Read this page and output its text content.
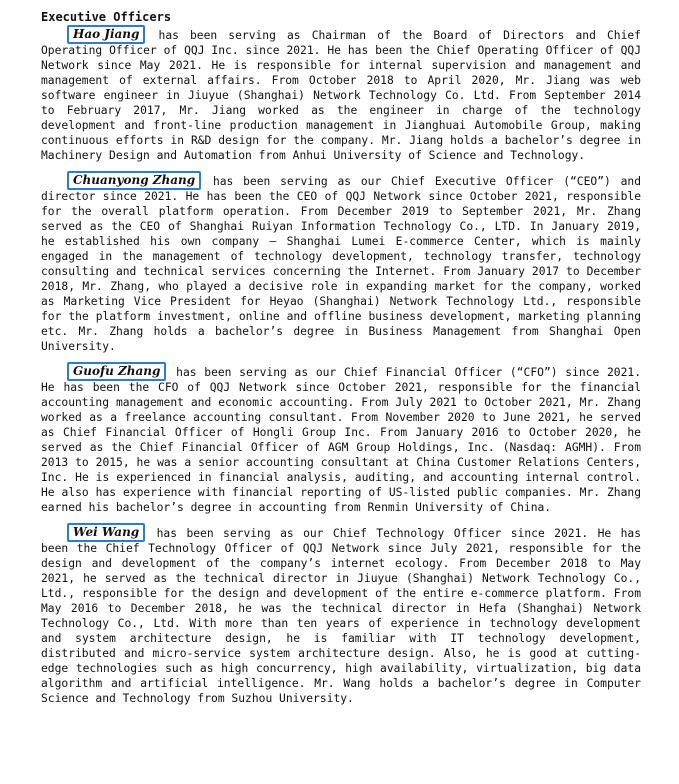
Executive Officers

Hao Jiang has been serving as Chairman of the Board of Directors and Chief Operating Officer of QQJ Inc. since 2021. He has been the Chief Operating Officer of QQJ Network since May 2021. He is responsible for internal supervision and management and management of external affairs. From October 2018 to April 2020, Mr. Jiang was web software engineer in Jiuyue (Shanghai) Network Technology Co. Ltd. From September 2014 to February 2017, Mr. Jiang worked as the engineer in charge of the technology development and front-line production management in Jianghuai Automobile Group, making continuous efforts in R&D design for the company. Mr. Jiang holds a bachelor’s degree in Machinery Design and Automation from Anhui University of Science and Technology.

Chuanyong Zhang has been serving as our Chief Executive Officer (“CEO”) and director since 2021. He has been the CEO of QQJ Network since October 2021, responsible for the overall platform operation. From December 2019 to September 2021, Mr. Zhang served as the CEO of Shanghai Ruiyan Information Technology Co., LTD. In January 2019, he established his own company — Shanghai Lumei E-commerce Center, which is mainly engaged in the management of technology development, technology transfer, technology consulting and technical services concerning the Internet. From January 2017 to December 2018, Mr. Zhang, who played a decisive role in expanding market for the company, worked as Marketing Vice President for Heyao (Shanghai) Network Technology Ltd., responsible for the platform investment, online and offline business development, marketing planning etc. Mr. Zhang holds a bachelor’s degree in Business Management from Shanghai Open University.

Guofu Zhang has been serving as our Chief Financial Officer (“CFO”) since 2021. He has been the CFO of QQJ Network since October 2021, responsible for the financial accounting management and economic accounting. From July 2021 to October 2021, Mr. Zhang worked as a freelance accounting consultant. From November 2020 to June 2021, he served as Chief Financial Officer of Hongli Group Inc. From January 2016 to October 2020, he served as the Chief Financial Officer of AGM Group Holdings, Inc. (Nasdaq: AGMH). From 2013 to 2015, he was a senior accounting consultant at China Customer Relations Centers, Inc. He is experienced in financial analysis, auditing, and accounting internal control. He also has experience with financial reporting of US-listed public companies. Mr. Zhang earned his bachelor’s degree in accounting from Renmin University of China.

Wei Wang has been serving as our Chief Technology Officer since 2021. He has been the Chief Technology Officer of QQJ Network since July 2021, responsible for the design and development of the company’s internet ecology. From December 2018 to May 2021, he served as the technical director in Jiuyue (Shanghai) Network Technology Co., Ltd., responsible for the design and development of the entire e-commerce platform. From May 2016 to December 2018, he was the technical director in Hefa (Shanghai) Network Technology Co., Ltd. With more than ten years of experience in technology development and system architecture design, he is familiar with IT technology development, distributed and micro-service system architecture design. Also, he is good at cutting-edge technologies such as high concurrency, high availability, virtualization, big data algorithm and artificial intelligence. Mr. Wang holds a bachelor’s degree in Computer Science and Technology from Suzhou University.
